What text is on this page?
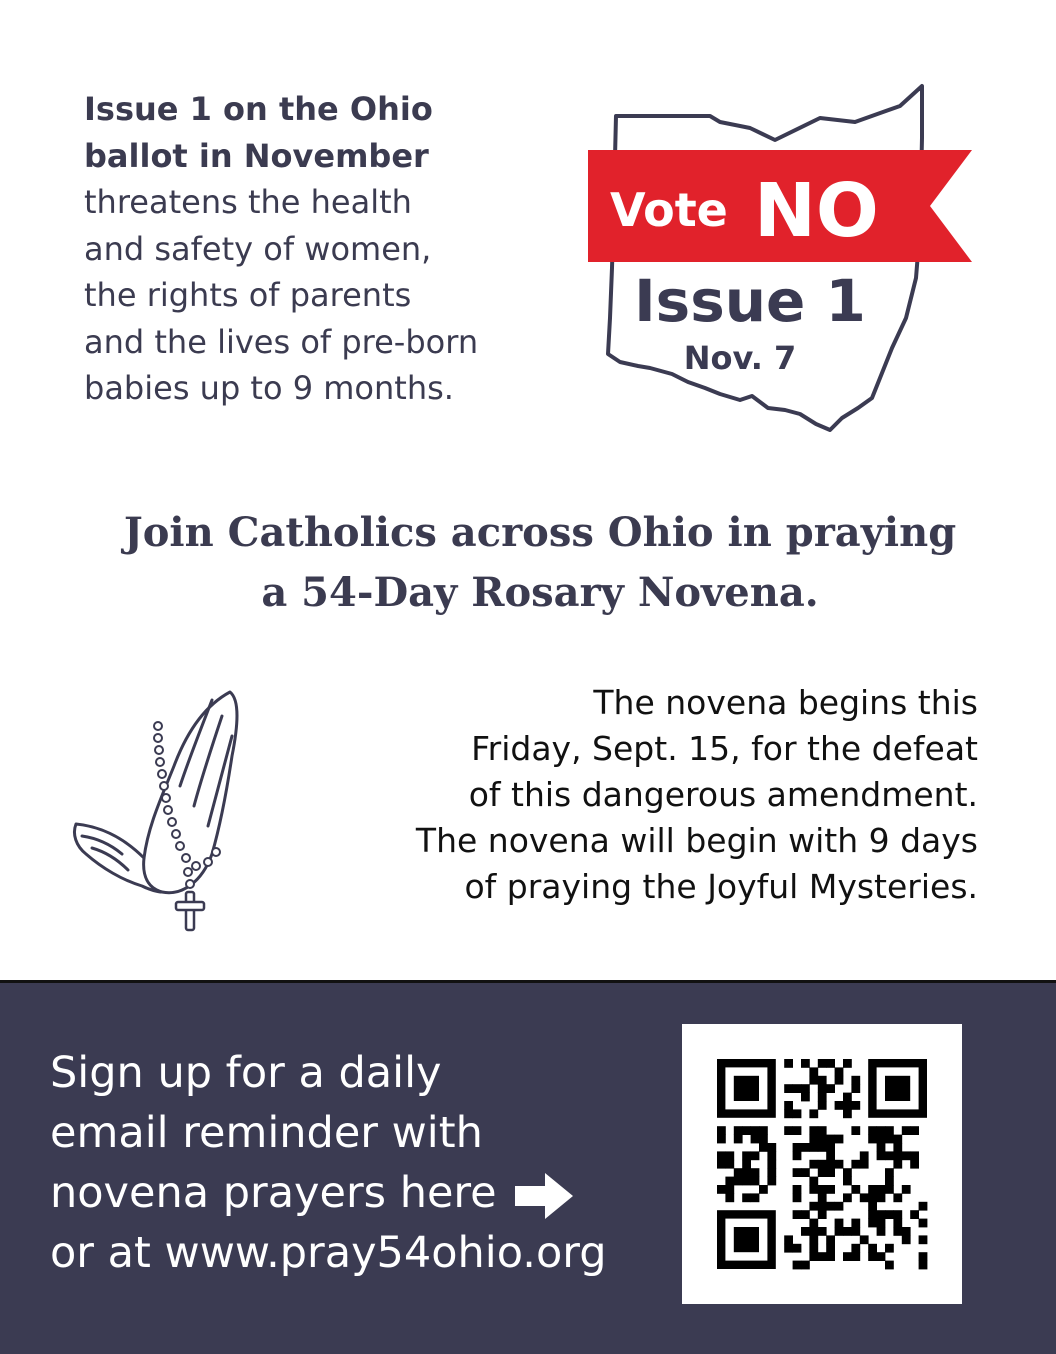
Issue 1 on the Ohio
ballot in November
threatens the health
and safety of women,
the rights of parents
and the lives of pre-born
babies up to 9 months.
Vote NO
Issue 1
Nov. 7
Join Catholics across Ohio in praying
a 54-Day Rosary Novena.
The novena begins this
Friday, Sept. 15, for the defeat
of this dangerous amendment.
The novena will begin with 9 days
of praying the Joyful Mysteries.
Sign up for a daily
email reminder with
novena prayers here
or at www.pray54ohio.org
